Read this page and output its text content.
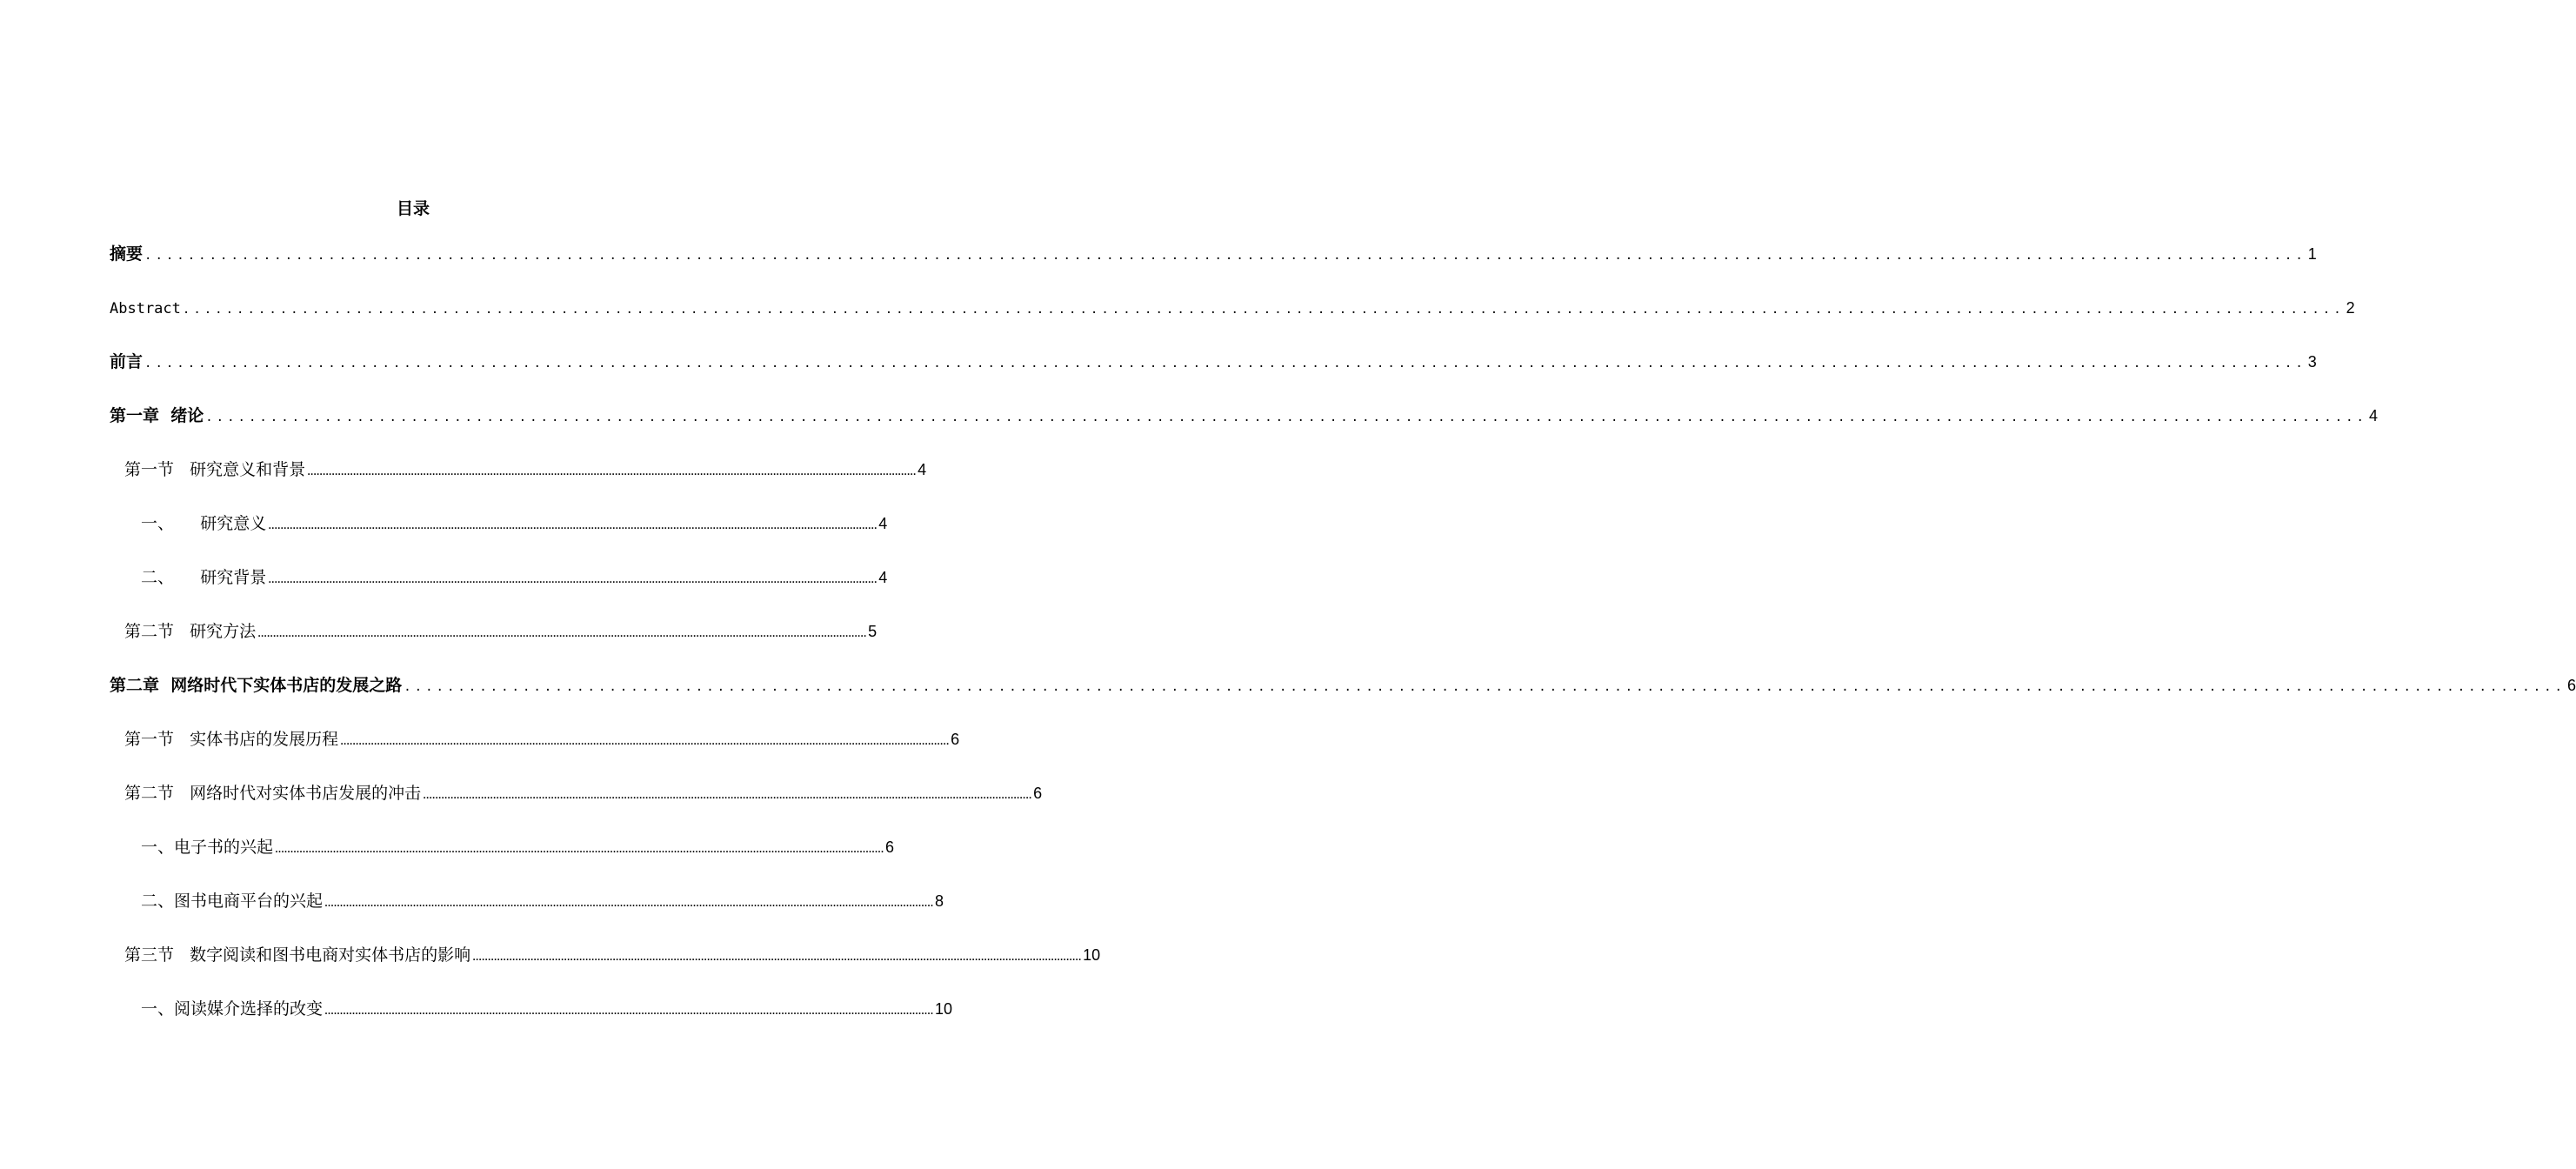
目录
摘要 ........................................................................................................................................................................................................ 1
Abstract ........................................................................................................................................................................................................ 2
前言 ........................................................................................................................................................................................................ 3
第一章  绪论 ........................................................................................................................................................................................................ 4
第一节   研究意义和背景 ........................................................................................................................................................................................................ 4
一、     研究意义 ........................................................................................................................................................................................................ 4
二、     研究背景 ........................................................................................................................................................................................................ 4
第二节   研究方法 ........................................................................................................................................................................................................ 5
第二章  网络时代下实体书店的发展之路 ........................................................................................................................................................................................................ 6
第一节   实体书店的发展历程 ........................................................................................................................................................................................................ 6
第二节   网络时代对实体书店发展的冲击 ........................................................................................................................................................................................................ 6
一、电子书的兴起 ........................................................................................................................................................................................................ 6
二、图书电商平台的兴起 ........................................................................................................................................................................................................ 8
第三节   数字阅读和图书电商对实体书店的影响 ........................................................................................................................................................................................................ 10
一、阅读媒介选择的改变 ........................................................................................................................................................................................................ 10
